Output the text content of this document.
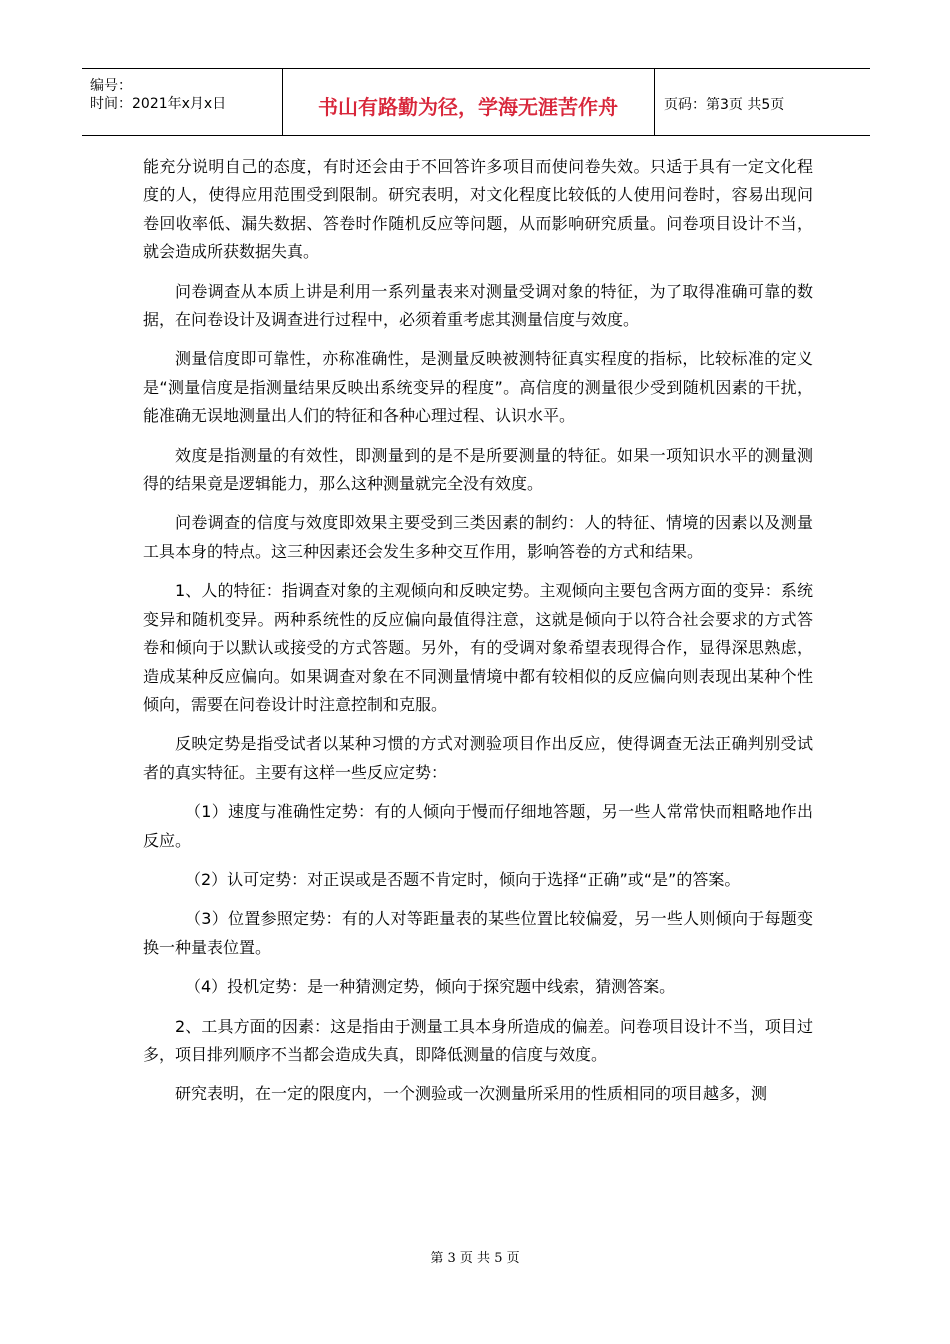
编号：
时间：2021年x月x日	书山有路勤为径，学海无涯苦作舟	页码：第3页 共5页

能充分说明自己的态度，有时还会由于不回答许多项目而使问卷失效。只适于具有一定文化程度的人，使得应用范围受到限制。研究表明，对文化程度比较低的人使用问卷时，容易出现问卷回收率低、漏失数据、答卷时作随机反应等问题，从而影响研究质量。问卷项目设计不当，就会造成所获数据失真。

问卷调查从本质上讲是利用一系列量表来对测量受调对象的特征，为了取得准确可靠的数据，在问卷设计及调查进行过程中，必须着重考虑其测量信度与效度。

测量信度即可靠性，亦称准确性，是测量反映被测特征真实程度的指标，比较标准的定义是“测量信度是指测量结果反映出系统变异的程度”。高信度的测量很少受到随机因素的干扰，能准确无误地测量出人们的特征和各种心理过程、认识水平。

效度是指测量的有效性，即测量到的是不是所要测量的特征。如果一项知识水平的测量测得的结果竟是逻辑能力，那么这种测量就完全没有效度。

问卷调查的信度与效度即效果主要受到三类因素的制约：人的特征、情境的因素以及测量工具本身的特点。这三种因素还会发生多种交互作用，影响答卷的方式和结果。

1、人的特征：指调查对象的主观倾向和反映定势。主观倾向主要包含两方面的变异：系统变异和随机变异。两种系统性的反应偏向最值得注意，这就是倾向于以符合社会要求的方式答卷和倾向于以默认或接受的方式答题。另外，有的受调对象希望表现得合作，显得深思熟虑，造成某种反应偏向。如果调查对象在不同测量情境中都有较相似的反应偏向则表现出某种个性倾向，需要在问卷设计时注意控制和克服。

反映定势是指受试者以某种习惯的方式对测验项目作出反应，使得调查无法正确判别受试者的真实特征。主要有这样一些反应定势：

（1）速度与准确性定势：有的人倾向于慢而仔细地答题，另一些人常常快而粗略地作出反应。

（2）认可定势：对正误或是否题不肯定时，倾向于选择“正确”或“是”的答案。

（3）位置参照定势：有的人对等距量表的某些位置比较偏爱，另一些人则倾向于每题变换一种量表位置。

（4）投机定势：是一种猜测定势，倾向于探究题中线索，猜测答案。

2、工具方面的因素：这是指由于测量工具本身所造成的偏差。问卷项目设计不当，项目过多，项目排列顺序不当都会造成失真，即降低测量的信度与效度。

研究表明，在一定的限度内，一个测验或一次测量所采用的性质相同的项目越多，测

第 3 页 共 5 页
